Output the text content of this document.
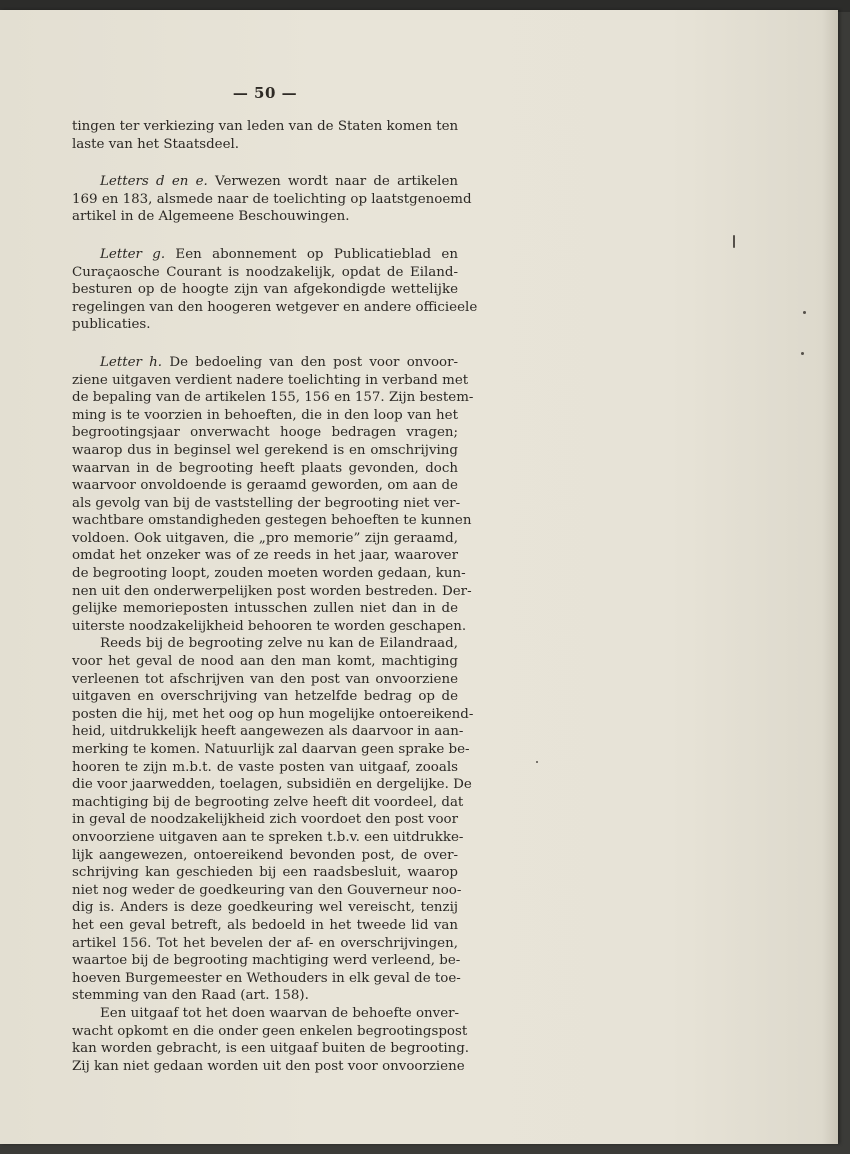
— 50 —
tingen ter verkiezing van leden van de Staten komen ten
laste van het Staatsdeel.
Letters d en e. Verwezen wordt naar de artikelen
169 en 183, alsmede naar de toelichting op laatstgenoemd
artikel in de Algemeene Beschouwingen.
Letter g. Een abonnement op Publicatieblad en
Curaçaosche Courant is noodzakelijk, opdat de Eiland-
besturen op de hoogte zijn van afgekondigde wettelijke
regelingen van den hoogeren wetgever en andere officieele
publicaties.
Letter h. De bedoeling van den post voor onvoor-
ziene uitgaven verdient nadere toelichting in verband met
de bepaling van de artikelen 155, 156 en 157. Zijn bestem-
ming is te voorzien in behoeften, die in den loop van het
begrootingsjaar onverwacht hooge bedragen vragen;
waarop dus in beginsel wel gerekend is en omschrijving
waarvan in de begrooting heeft plaats gevonden, doch
waarvoor onvoldoende is geraamd geworden, om aan de
als gevolg van bij de vaststelling der begrooting niet ver-
wachtbare omstandigheden gestegen behoeften te kunnen
voldoen. Ook uitgaven, die „pro memorie” zijn geraamd,
omdat het onzeker was of ze reeds in het jaar, waarover
de begrooting loopt, zouden moeten worden gedaan, kun-
nen uit den onderwerpelijken post worden bestreden. Der-
gelijke memorieposten intusschen zullen niet dan in de
uiterste noodzakelijkheid behooren te worden geschapen.
Reeds bij de begrooting zelve nu kan de Eilandraad,
voor het geval de nood aan den man komt, machtiging
verleenen tot afschrijven van den post van onvoorziene
uitgaven en overschrijving van hetzelfde bedrag op de
posten die hij, met het oog op hun mogelijke ontoereikend-
heid, uitdrukkelijk heeft aangewezen als daarvoor in aan-
merking te komen. Natuurlijk zal daarvan geen sprake be-
hooren te zijn m.b.t. de vaste posten van uitgaaf, zooals
die voor jaarwedden, toelagen, subsidiën en dergelijke. De
machtiging bij de begrooting zelve heeft dit voordeel, dat
in geval de noodzakelijkheid zich voordoet den post voor
onvoorziene uitgaven aan te spreken t.b.v. een uitdrukke-
lijk aangewezen, ontoereikend bevonden post, de over-
schrijving kan geschieden bij een raadsbesluit, waarop
niet nog weder de goedkeuring van den Gouverneur noo-
dig is. Anders is deze goedkeuring wel vereischt, tenzij
het een geval betreft, als bedoeld in het tweede lid van
artikel 156. Tot het bevelen der af- en overschrijvingen,
waartoe bij de begrooting machtiging werd verleend, be-
hoeven Burgemeester en Wethouders in elk geval de toe-
stemming van den Raad (art. 158).
Een uitgaaf tot het doen waarvan de behoefte onver-
wacht opkomt en die onder geen enkelen begrootingspost
kan worden gebracht, is een uitgaaf buiten de begrooting.
Zij kan niet gedaan worden uit den post voor onvoorziene
